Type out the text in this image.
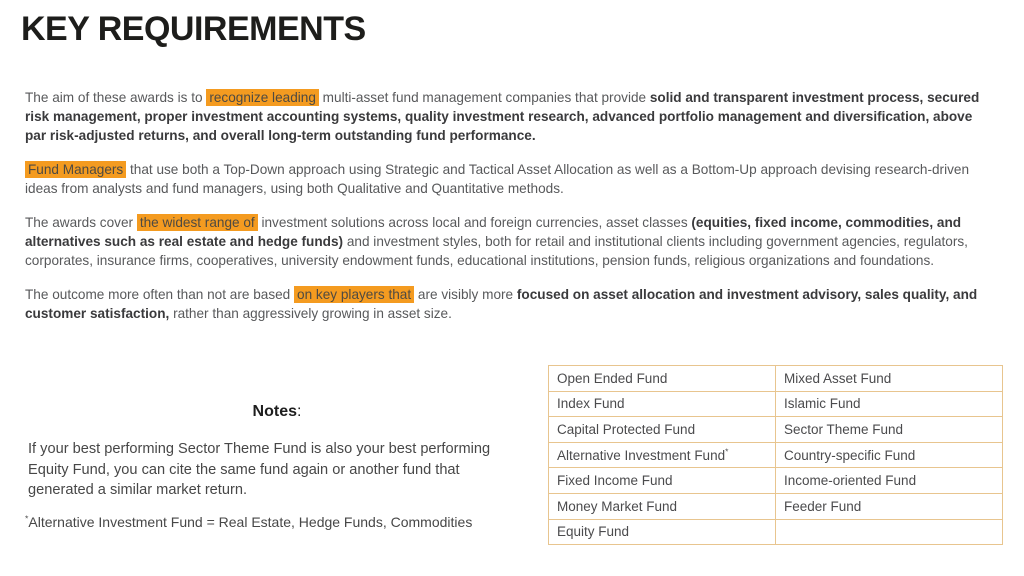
KEY REQUIREMENTS

The aim of these awards is to recognize leading multi-asset fund management companies that provide solid and transparent investment process, secured risk management, proper investment accounting systems, quality investment research, advanced portfolio management and diversification, above par risk-adjusted returns, and overall long-term outstanding fund performance.

Fund Managers that use both a Top-Down approach using Strategic and Tactical Asset Allocation as well as a Bottom-Up approach devising research-driven ideas from analysts and fund managers, using both Qualitative and Quantitative methods.

The awards cover the widest range of investment solutions across local and foreign currencies, asset classes (equities, fixed income, commodities, and alternatives such as real estate and hedge funds) and investment styles, both for retail and institutional clients including government agencies, regulators, corporates, insurance firms, cooperatives, university endowment funds, educational institutions, pension funds, religious organizations and foundations.

The outcome more often than not are based on key players that are visibly more focused on asset allocation and investment advisory, sales quality, and customer satisfaction, rather than aggressively growing in asset size.

Notes:
If your best performing Sector Theme Fund is also your best performing Equity Fund, you can cite the same fund again or another fund that generated a similar market return.
*Alternative Investment Fund = Real Estate, Hedge Funds, Commodities
Open Ended Fund	Mixed Asset Fund
Index Fund	Islamic Fund
Capital Protected Fund	Sector Theme Fund
Alternative Investment Fund*	Country-specific Fund
Fixed Income Fund	Income-oriented Fund
Money Market Fund	Feeder Fund
Equity Fund	
